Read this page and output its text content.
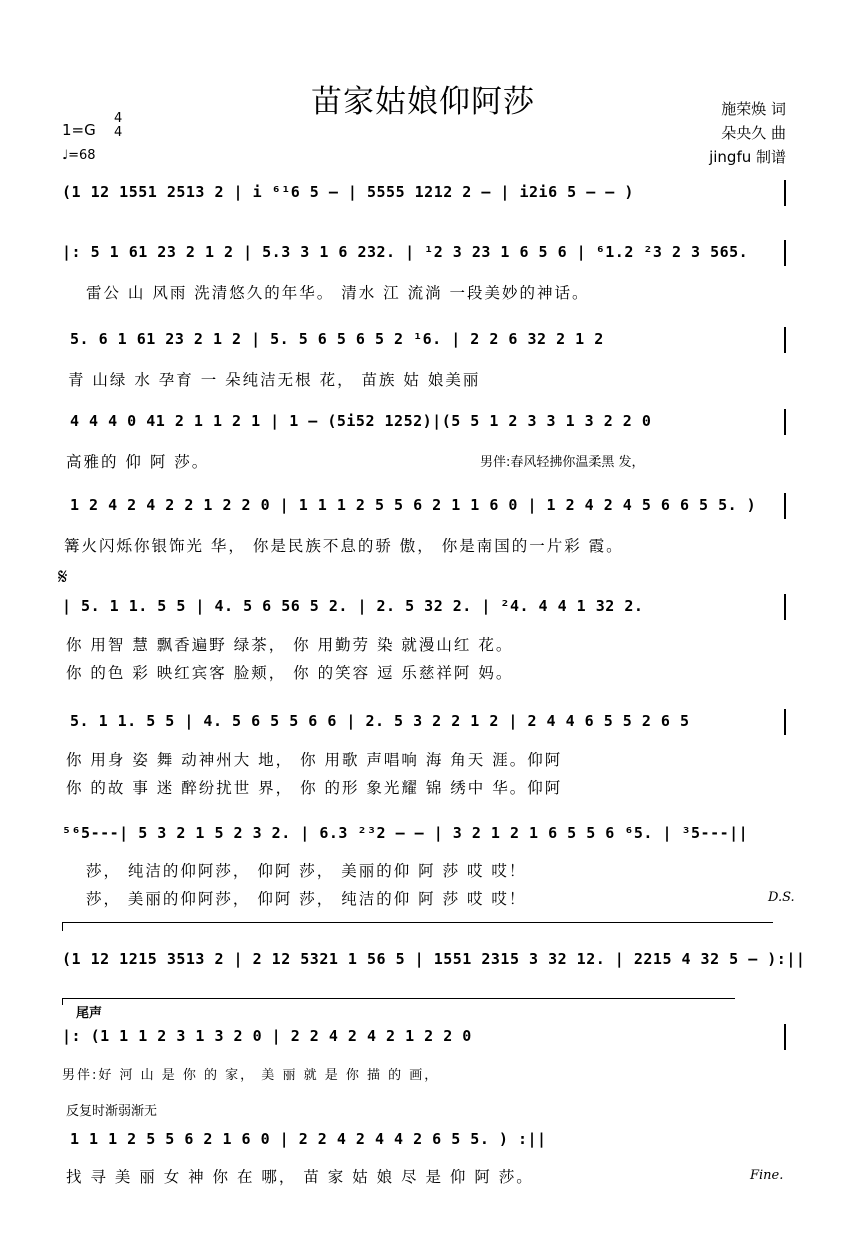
苗家姑娘仰阿莎	施荣焕 词
朵央久 曲
jingfu 制谱
1=G
4
4
♩=68
(1 12 1551 2513 2 | i ⁶¹6 5 – | 5555 1212 2 – | i2i6 5 – – )
|: 5 1 61 23 2 1 2 | 5.3 3 1 6 232. | ¹2 3 23 1 6 5 6 | ⁶1.2 ²3 2 3 565.
雷公 山 风雨 洗清悠久的年华。 清水 江 流淌 一段美妙的神话。
5. 6 1 61 23 2 1 2 | 5. 5 6 5 6 5 2 ¹6. | 2 2 6 32 2 1 2
青 山绿 水 孕育 一 朵纯洁无根 花， 苗族 姑 娘美丽
4 4 4 0 41 2 1 1 2 1 | 1 – (5i52 1252)|(5 5 1 2 3 3 1 3 2 2 0
高雅的 仰 阿 莎。	男伴:春风轻拂你温柔黑 发，
1 2 4 2 4 2 2 1 2 2 0 | 1 1 1 2 5 5 6 2 1 1 6 0 | 1 2 4 2 4 5 6 6 5 5. )
篝火闪烁你银饰光 华， 你是民族不息的骄 傲， 你是南国的一片彩 霞。
𝄋
| 5. 1 1. 5 5 | 4. 5 6 56 5 2. | 2. 5 32 2. | ²4. 4 4 1 32 2.
你 用智 慧 飘香遍野 绿茶， 你 用勤劳 染 就漫山红 花。
你 的色 彩 映红宾客 脸颊， 你 的笑容 逗 乐慈祥阿 妈。
5. 1 1. 5 5 | 4. 5 6 5 5 6 6 | 2. 5 3 2 2 1 2 | 2 4 4 6 5 5 2 6 5
你 用身 姿 舞 动神州大 地， 你 用歌 声唱响 海 角天 涯。仰阿
你 的故 事 迷 醉纷扰世 界， 你 的形 象光耀 锦 绣中 华。仰阿
⁵⁶5---| 5 3 2 1 5 2 3 2. | 6.3 ²³2 – – | 3 2 1 2 1 6 5 5 6 ⁶5. | ³5---||
莎， 纯洁的仰阿莎， 仰阿 莎， 美丽的仰 阿 莎 哎 哎！
莎， 美丽的仰阿莎， 仰阿 莎， 纯洁的仰 阿 莎 哎 哎！	D.S.
(1 12 1215 3513 2 | 2 12 5321 1 56 5 | 1551 2315 3 32 12. | 2215 4 32 5 – ):||
尾声
|: (1 1 1 2 3 1 3 2 0 | 2 2 4 2 4 2 1 2 2 0
男伴:好 河 山 是 你 的 家， 美 丽 就 是 你 描 的 画，
反复时渐弱渐无
1 1 1 2 5 5 6 2 1 6 0 | 2 2 4 2 4 4 2 6 5 5. ) :||
找 寻 美 丽 女 神 你 在 哪， 苗 家 姑 娘 尽 是 仰 阿 莎。	Fine.
